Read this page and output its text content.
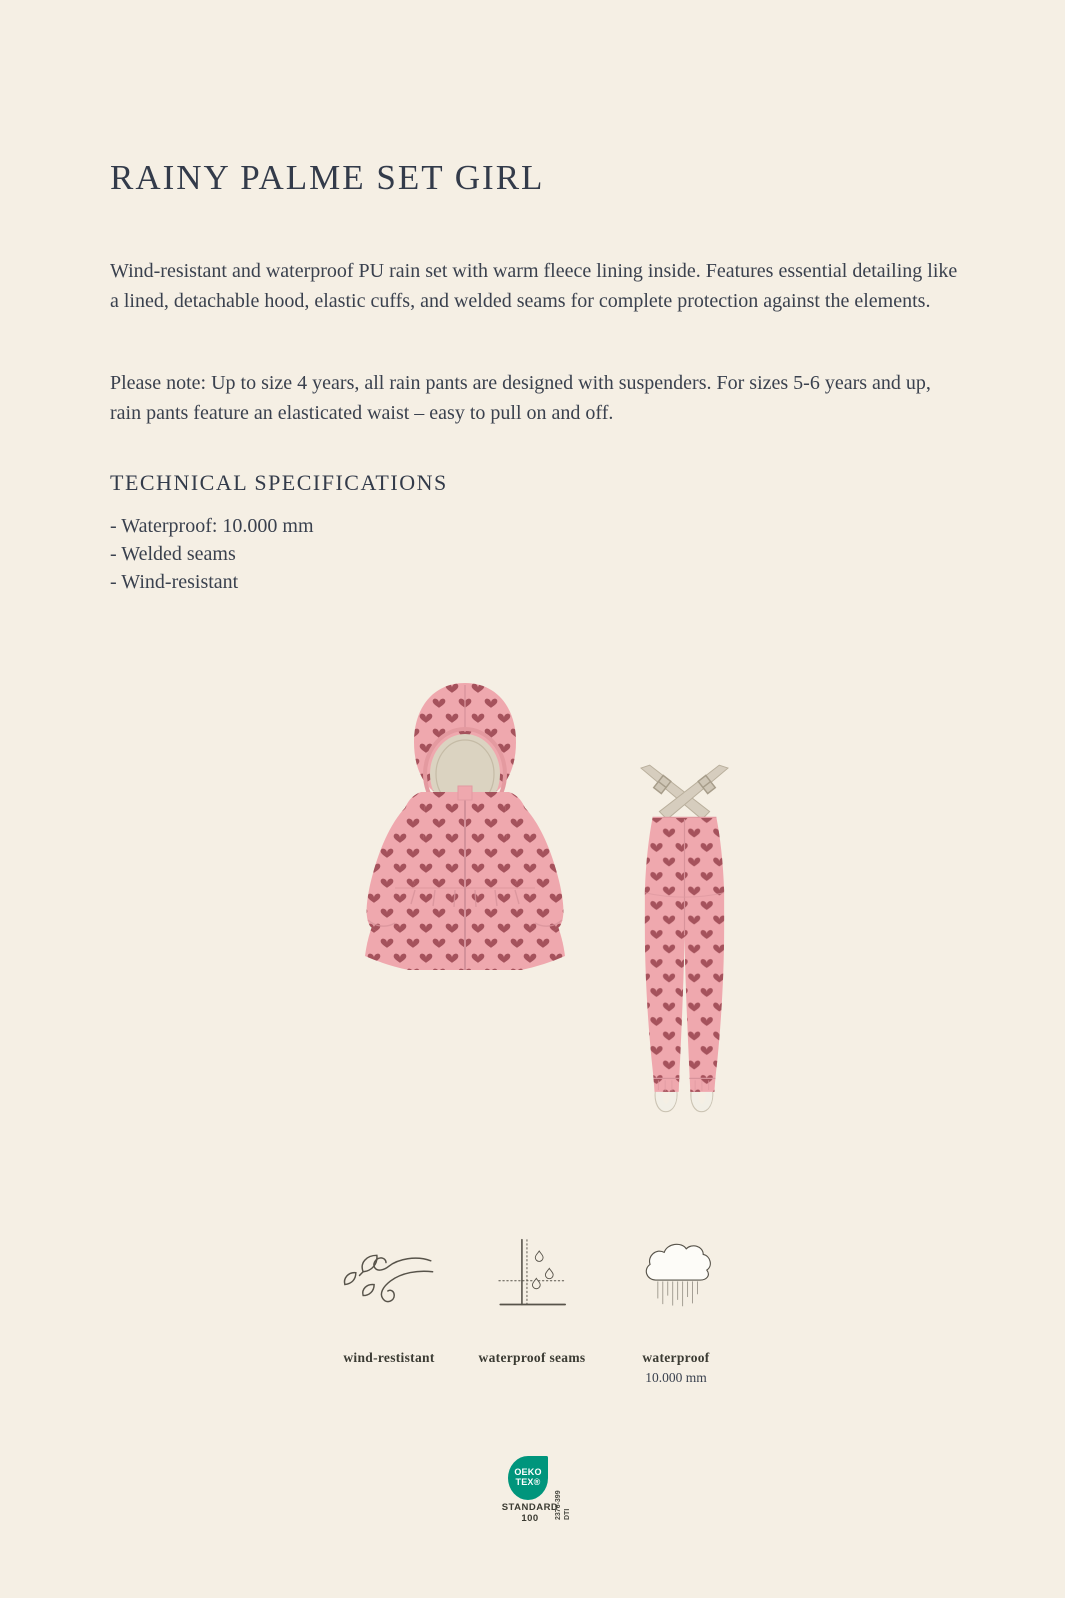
RAINY PALME SET GIRL

Wind-resistant and waterproof PU rain set with warm fleece lining inside. Features essential detailing like a lined, detachable hood, elastic cuffs, and welded seams for complete protection against the elements.

Please note: Up to size 4 years, all rain pants are designed with suspenders. For sizes 5-6 years and up, rain pants feature an elasticated waist – easy to pull on and off.

TECHNICAL SPECIFICATIONS
- Waterproof: 10.000 mm
- Welded seams
- Wind-resistant
wind-restistant	waterproof seams	waterproof
10.000 mm
OEKO
TEX®
STANDARD
100	2376-399 DTI
